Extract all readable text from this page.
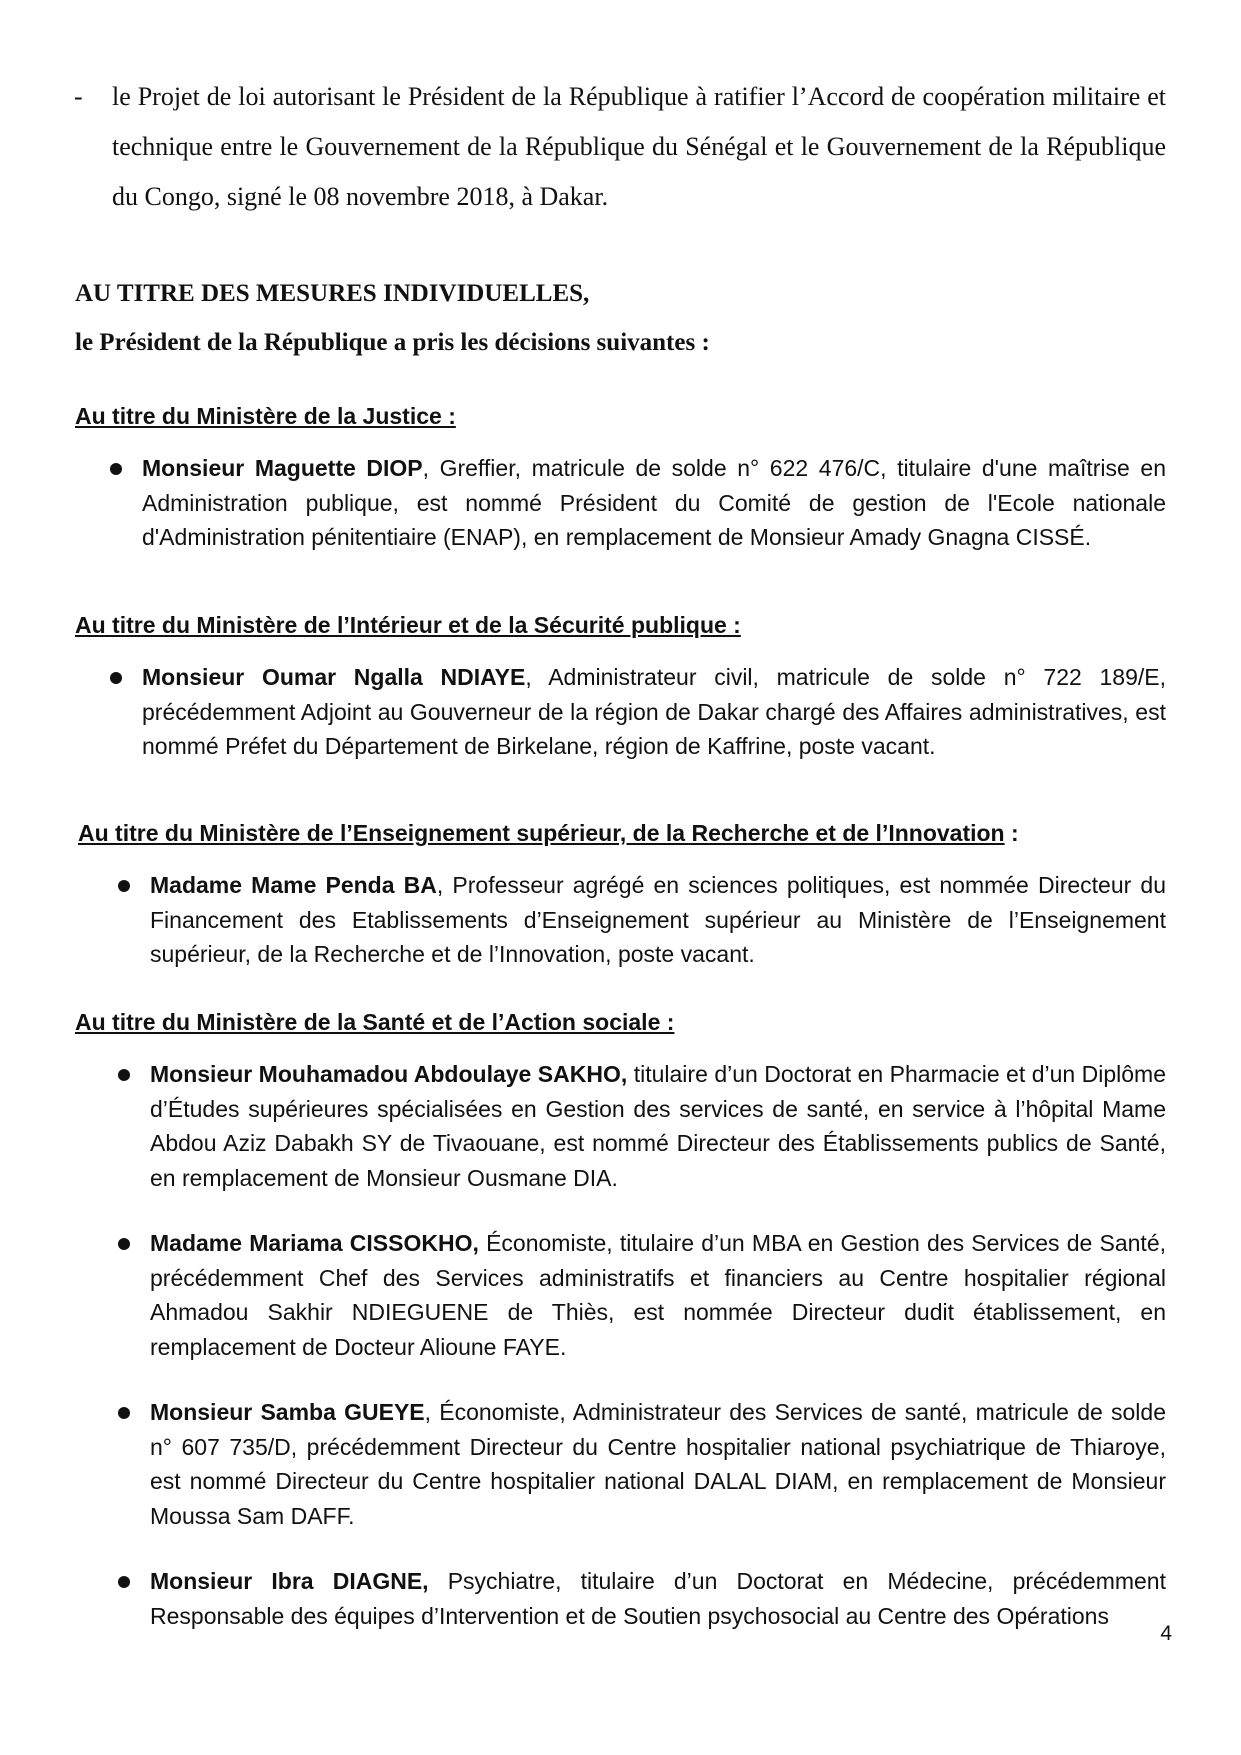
-	le Projet de loi autorisant le Président de la République à ratifier l’Accord de coopération militaire et technique entre le Gouvernement de la République du Sénégal et le Gouvernement de la République du Congo, signé le 08 novembre 2018, à Dakar.
AU TITRE DES MESURES INDIVIDUELLES,
le Président de la République a pris les décisions suivantes :
Au titre du Ministère de la Justice :
Monsieur Maguette DIOP, Greffier, matricule de solde n° 622 476/C, titulaire d'une maîtrise en Administration publique, est nommé Président du Comité de gestion de l'Ecole nationale d'Administration pénitentiaire (ENAP), en remplacement de Monsieur Amady Gnagna CISSÉ.
Au titre du Ministère de l’Intérieur et de la Sécurité publique :
Monsieur Oumar Ngalla NDIAYE, Administrateur civil, matricule de solde n° 722 189/E, précédemment Adjoint au Gouverneur de la région de Dakar chargé des Affaires administratives, est nommé Préfet du Département de Birkelane, région de Kaffrine, poste vacant.
Au titre du Ministère de l’Enseignement supérieur, de la Recherche et de l’Innovation :
Madame Mame Penda BA, Professeur agrégé en sciences politiques, est nommée Directeur du Financement des Etablissements d’Enseignement supérieur au Ministère de l’Enseignement supérieur, de la Recherche et de l’Innovation, poste vacant.
Au titre du Ministère de la Santé et de l’Action sociale :
Monsieur Mouhamadou Abdoulaye SAKHO, titulaire d’un Doctorat en Pharmacie et d’un Diplôme d’Études supérieures spécialisées en Gestion des services de santé, en service à l’hôpital Mame Abdou Aziz Dabakh SY de Tivaouane, est nommé Directeur des Établissements publics de Santé, en remplacement de Monsieur Ousmane DIA.
Madame Mariama CISSOKHO, Économiste, titulaire d’un MBA en Gestion des Services de Santé, précédemment Chef des Services administratifs et financiers au Centre hospitalier régional Ahmadou Sakhir NDIEGUENE de Thiès, est nommée Directeur dudit établissement, en remplacement de Docteur Alioune FAYE.
Monsieur Samba GUEYE, Économiste, Administrateur des Services de santé, matricule de solde n° 607 735/D, précédemment Directeur du Centre hospitalier national psychiatrique de Thiaroye, est nommé Directeur du Centre hospitalier national DALAL DIAM, en remplacement de Monsieur Moussa Sam DAFF.
Monsieur Ibra DIAGNE, Psychiatre, titulaire d’un Doctorat en Médecine, précédemment Responsable des équipes d’Intervention et de Soutien psychosocial au Centre des Opérations
4
